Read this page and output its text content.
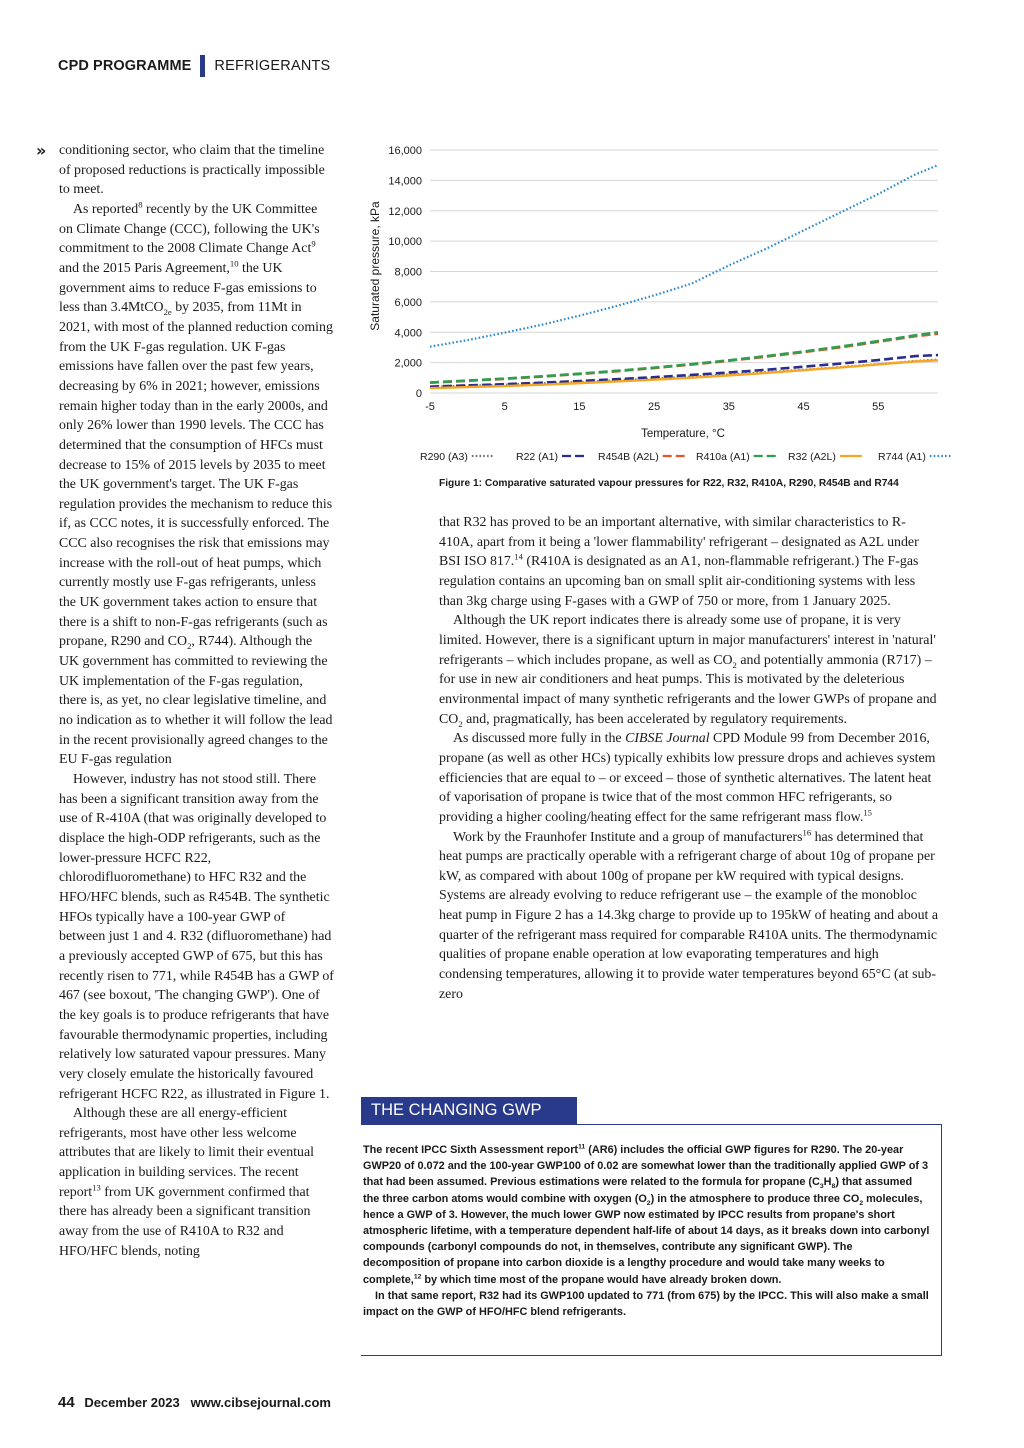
CPD PROGRAMME REFRIGERANTS
» conditioning sector, who claim that the timeline of proposed reductions is practically impossible to meet.

As reported$^8$ recently by the UK Committee on Climate Change (CCC), following the UK's commitment to the 2008 Climate Change Act$^9$ and the 2015 Paris Agreement,$^{10}$ the UK government aims to reduce F-gas emissions to less than 3.4MtCO$_{2e}$ by 2035, from 11Mt in 2021, with most of the planned reduction coming from the UK F-gas regulation. UK F-gas emissions have fallen over the past few years, decreasing by 6% in 2021; however, emissions remain higher today than in the early 2000s, and only 26% lower than 1990 levels. The CCC has determined that the consumption of HFCs must decrease to 15% of 2015 levels by 2035 to meet the UK government's target. The UK F-gas regulation provides the mechanism to reduce this if, as CCC notes, it is successfully enforced. The CCC also recognises the risk that emissions may increase with the roll-out of heat pumps, which currently mostly use F-gas refrigerants, unless the UK government takes action to ensure that there is a shift to non-F-gas refrigerants (such as propane, R290 and $CO_2$, R744). Although the UK government has committed to reviewing the UK implementation of the F-gas regulation, there is, as yet, no clear legislative timeline, and no indication as to whether it will follow the lead in the recent provisionally agreed changes to the EU F-gas regulation

However, industry has not stood still. There has been a significant transition away from the use of R-410A (that was originally developed to displace the high-ODP refrigerants, such as the lower-pressure HCFC R22, chlorodifluoromethane) to HFC R32 and the HFO/HFC blends, such as R454B. The synthetic HFOs typically have a 100-year GWP of between just 1 and 4. R32 (difluoromethane) had a previously accepted GWP of 675, but this has recently risen to 771, while R454B has a GWP of 467 (see boxout, 'The changing GWP'). One of the key goals is to produce refrigerants that have favourable thermodynamic properties, including relatively low saturated vapour pressures. Many very closely emulate the historically favoured refrigerant HCFC R22, as illustrated in Figure 1.

Although these are all energy-efficient refrigerants, most have other less welcome attributes that are likely to limit their eventual application in building services. The recent report$^{13}$ from UK government confirmed that there has already been a significant transition away from the use of R410A to R32 and HFO/HFC blends, noting

0
2,000
4,000
6,000
8,000
10,000
12,000
14,000
16,000
-5	5	15	25	35	45	55
Saturated pressure, kPa
Temperature, °C
R290 (A3)	R22 (A1)	R454B (A2L)	R410a (A1)	R32 (A2L)	R744 (A1)
Figure 1: Comparative saturated vapour pressures for R22, R32, R410A, R290, R454B and R744

that R32 has proved to be an important alternative, with similar characteristics to R-410A, apart from it being a 'lower flammability' refrigerant – designated as A2L under BSI ISO 817.14 (R410A is designated as an A1, non-flammable refrigerant.) The F-gas regulation contains an upcoming ban on small split air-conditioning systems with less than 3kg charge using F-gases with a GWP of 750 or more, from 1 January 2025.

Although the UK report indicates there is already some use of propane, it is very limited. However, there is a significant upturn in major manufacturers' interest in 'natural' refrigerants – which includes propane, as well as $CO_2$ and potentially ammonia (R717) – for use in new air conditioners and heat pumps. This is motivated by the deleterious environmental impact of many synthetic refrigerants and the lower GWPs of propane and $CO_2$ and, pragmatically, has been accelerated by regulatory requirements.

As discussed more fully in the CIBSE Journal CPD Module 99 from December 2016, propane (as well as other HCs) typically exhibits low pressure drops and achieves system efficiencies that are equal to – or exceed – those of synthetic alternatives. The latent heat of vaporisation of propane is twice that of the most common HFC refrigerants, so providing a higher cooling/heating effect for the same refrigerant mass flow.$^{15}$

Work by the Fraunhofer Institute and a group of manufacturers$^{16}$ has determined that heat pumps are practically operable with a refrigerant charge of about 10g of propane per kW, as compared with about 100g of propane per kW required with typical designs. Systems are already evolving to reduce refrigerant use – the example of the monobloc heat pump in Figure 2 has a 14.3kg charge to provide up to 195kW of heating and about a quarter of the refrigerant mass required for comparable R410A units. The thermodynamic qualities of propane enable operation at low evaporating temperatures and high condensing temperatures, allowing it to provide water temperatures beyond 65°C (at sub-zero

THE CHANGING GWP

The recent IPCC Sixth Assessment report$^{11}$ (AR6) includes the official GWP figures for R290. The 20-year GWP20 of 0.072 and the 100-year GWP100 of 0.02 are somewhat lower than the traditionally applied GWP of 3 that had been assumed. Previous estimations were related to the formula for propane $(C_3H_8)$ that assumed the three carbon atoms would combine with oxygen $(O_2)$ in the atmosphere to produce three $CO_2$ molecules, hence a GWP of 3. However, the much lower GWP now estimated by IPCC results from propane's short atmospheric lifetime, with a temperature dependent half-life of about 14 days, as it breaks down into carbonyl compounds (carbonyl compounds do not, in themselves, contribute any significant GWP). The decomposition of propane into carbon dioxide is a lengthy procedure and would take many weeks to complete,$^{12}$ by which time most of the propane would have already broken down.

In that same report, R32 had its GWP100 updated to 771 (from 675) by the IPCC. This will also make a small impact on the GWP of HFO/HFC blend refrigerants.

44 December 2023 www.cibsejournal.com
